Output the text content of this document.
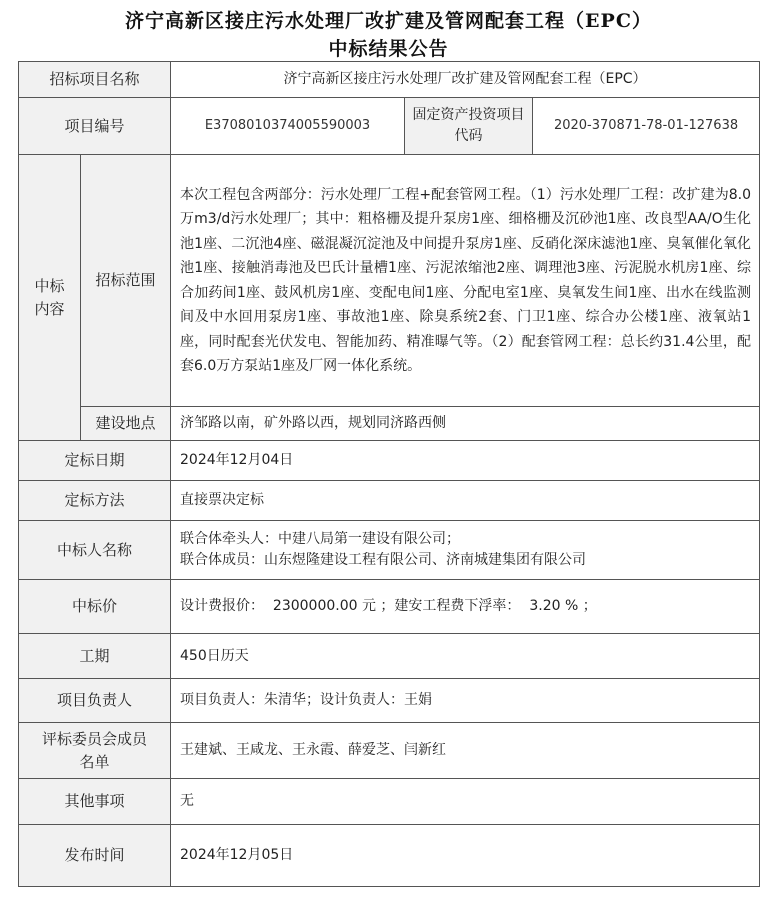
济宁高新区接庄污水处理厂改扩建及管网配套工程（EPC）
中标结果公告
招标项目名称		济宁高新区接庄污水处理厂改扩建及管网配套工程（EPC）		
项目编号		E3708010374005590003	固定资产投资项目代码	2020-370871-78-01-127638
中标内容	招标范围	本次工程包含两部分：污水处理厂工程+配套管网工程。（1）污水处理厂工程：改扩建为8.0万m3/d污水处理厂；其中：粗格栅及提升泵房1座、细格栅及沉砂池1座、改良型AA/O生化池1座、二沉池4座、磁混凝沉淀池及中间提升泵房1座、反硝化深床滤池1座、臭氧催化氧化池1座、接触消毒池及巴氏计量槽1座、污泥浓缩池2座、调理池3座、污泥脱水机房1座、综合加药间1座、鼓风机房1座、变配电间1座、分配电室1座、臭氧发生间1座、出水在线监测间及中水回用泵房1座、事故池1座、除臭系统2套、门卫1座、综合办公楼1座、液氧站1座，同时配套光伏发电、智能加药、精准曝气等。（2）配套管网工程：总长约31.4公里，配套6.0万方泵站1座及厂网一体化系统。		
	建设地点	济邹路以南，矿外路以西，规划同济路西侧		
定标日期		2024年12月04日		
定标方法		直接票决定标		
中标人名称		联合体牵头人：中建八局第一建设有限公司；
联合体成员：山东煜隆建设工程有限公司、济南城建集团有限公司		

中标价		设计费报价：  2300000.00 元 ；建安工程费下浮率：  3.20 % ；		
工期		450日历天		
项目负责人		项目负责人：朱清华；设计负责人：王娟		
评标委员会成员名单		王建斌、王咸龙、王永霞、薛爱芝、闫新红		
其他事项		无		
发布时间		2024年12月05日		
